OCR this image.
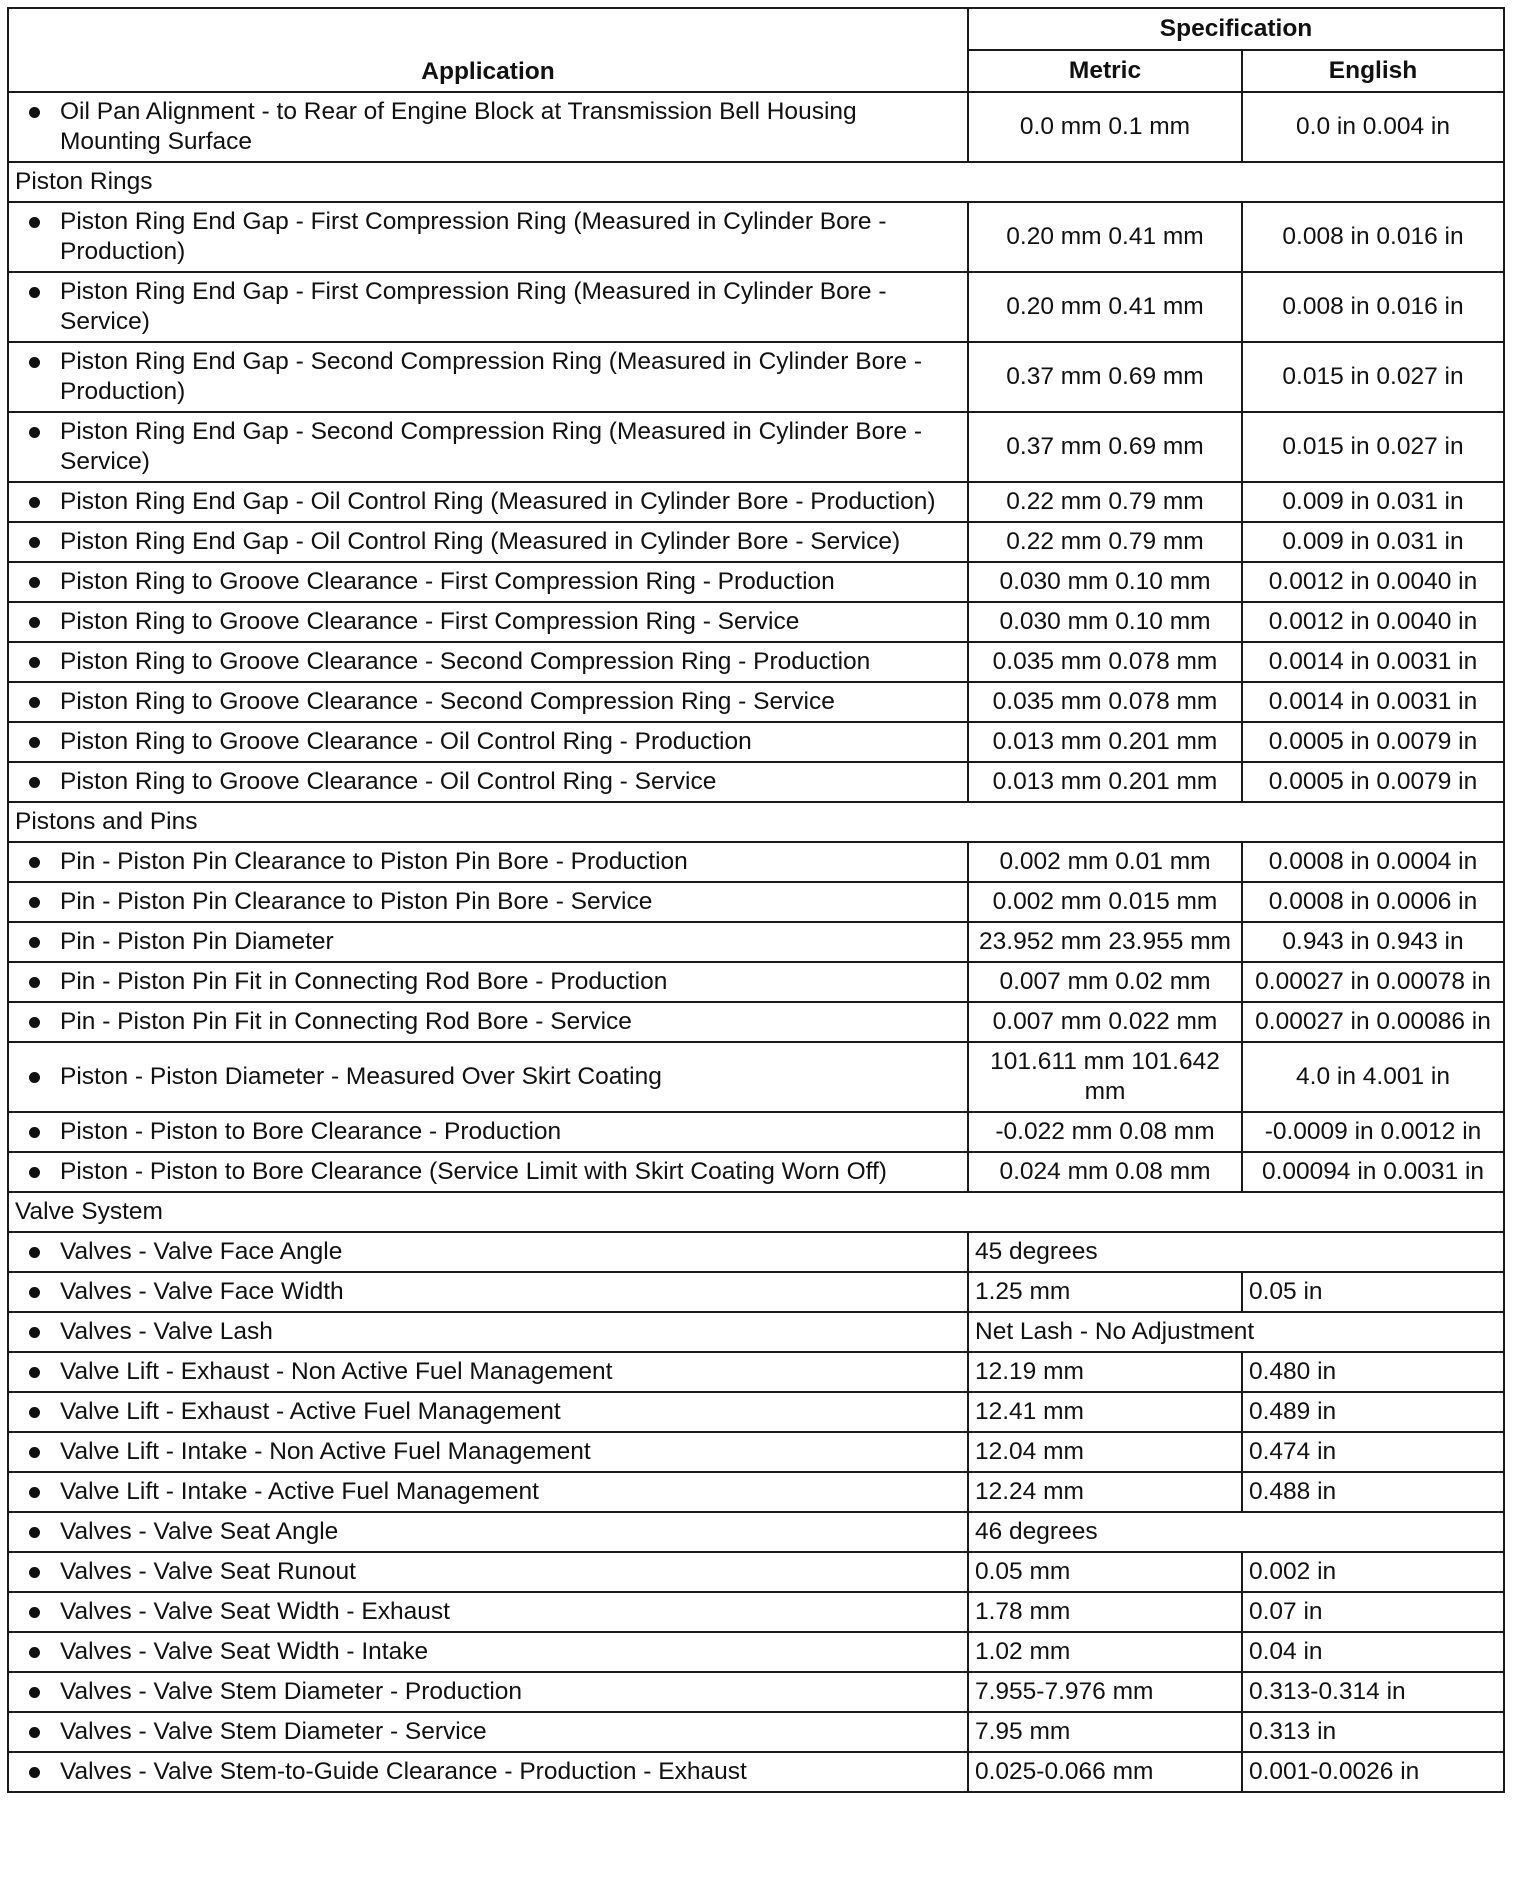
Application	Specification	
	Metric	English

Oil Pan Alignment - to Rear of Engine Block at Transmission Bell Housing Mounting Surface	0.0 mm 0.1 mm	0.0 in 0.004 in
Piston Rings		

Piston Ring End Gap - First Compression Ring (Measured in Cylinder Bore - Production)	0.20 mm 0.41 mm	0.008 in 0.016 in

Piston Ring End Gap - First Compression Ring (Measured in Cylinder Bore - Service)	0.20 mm 0.41 mm	0.008 in 0.016 in

Piston Ring End Gap - Second Compression Ring (Measured in Cylinder Bore - Production)	0.37 mm 0.69 mm	0.015 in 0.027 in

Piston Ring End Gap - Second Compression Ring (Measured in Cylinder Bore - Service)	0.37 mm 0.69 mm	0.015 in 0.027 in

Piston Ring End Gap - Oil Control Ring (Measured in Cylinder Bore - Production)	0.22 mm 0.79 mm	0.009 in 0.031 in

Piston Ring End Gap - Oil Control Ring (Measured in Cylinder Bore - Service)	0.22 mm 0.79 mm	0.009 in 0.031 in

Piston Ring to Groove Clearance - First Compression Ring - Production	0.030 mm 0.10 mm	0.0012 in 0.0040 in

Piston Ring to Groove Clearance - First Compression Ring - Service	0.030 mm 0.10 mm	0.0012 in 0.0040 in

Piston Ring to Groove Clearance - Second Compression Ring - Production	0.035 mm 0.078 mm	0.0014 in 0.0031 in

Piston Ring to Groove Clearance - Second Compression Ring - Service	0.035 mm 0.078 mm	0.0014 in 0.0031 in

Piston Ring to Groove Clearance - Oil Control Ring - Production	0.013 mm 0.201 mm	0.0005 in 0.0079 in

Piston Ring to Groove Clearance - Oil Control Ring - Service	0.013 mm 0.201 mm	0.0005 in 0.0079 in
Pistons and Pins		

Pin - Piston Pin Clearance to Piston Pin Bore - Production	0.002 mm 0.01 mm	0.0008 in 0.0004 in

Pin - Piston Pin Clearance to Piston Pin Bore - Service	0.002 mm 0.015 mm	0.0008 in 0.0006 in

Pin - Piston Pin Diameter	23.952 mm 23.955 mm	0.943 in 0.943 in

Pin - Piston Pin Fit in Connecting Rod Bore - Production	0.007 mm 0.02 mm	0.00027 in 0.00078 in

Pin - Piston Pin Fit in Connecting Rod Bore - Service	0.007 mm 0.022 mm	0.00027 in 0.00086 in

Piston - Piston Diameter - Measured Over Skirt Coating	101.611 mm 101.642 mm	4.0 in 4.001 in

Piston - Piston to Bore Clearance - Production	-0.022 mm 0.08 mm	-0.0009 in 0.0012 in

Piston - Piston to Bore Clearance (Service Limit with Skirt Coating Worn Off)	0.024 mm 0.08 mm	0.00094 in 0.0031 in
Valve System		

Valves - Valve Face Angle	45 degrees	

Valves - Valve Face Width	1.25 mm	0.05 in

Valves - Valve Lash	Net Lash - No Adjustment	

Valve Lift - Exhaust - Non Active Fuel Management	12.19 mm	0.480 in

Valve Lift - Exhaust - Active Fuel Management	12.41 mm	0.489 in

Valve Lift - Intake - Non Active Fuel Management	12.04 mm	0.474 in

Valve Lift - Intake - Active Fuel Management	12.24 mm	0.488 in

Valves - Valve Seat Angle	46 degrees	

Valves - Valve Seat Runout	0.05 mm	0.002 in

Valves - Valve Seat Width - Exhaust	1.78 mm	0.07 in

Valves - Valve Seat Width - Intake	1.02 mm	0.04 in

Valves - Valve Stem Diameter - Production	7.955-7.976 mm	0.313-0.314 in

Valves - Valve Stem Diameter - Service	7.95 mm	0.313 in

Valves - Valve Stem-to-Guide Clearance - Production - Exhaust	0.025-0.066 mm	0.001-0.0026 in
